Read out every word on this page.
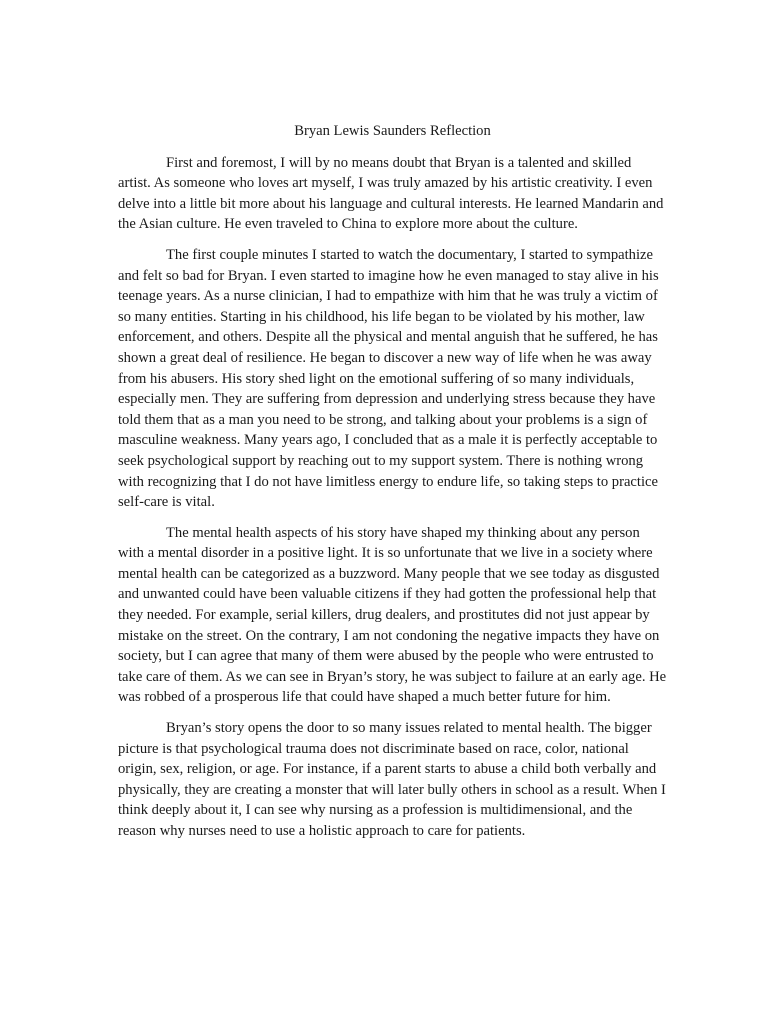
Bryan Lewis Saunders Reflection

First and foremost, I will by no means doubt that Bryan is a talented and skilled artist. As someone who loves art myself, I was truly amazed by his artistic creativity. I even delve into a little bit more about his language and cultural interests. He learned Mandarin and the Asian culture. He even traveled to China to explore more about the culture.

The first couple minutes I started to watch the documentary, I started to sympathize and felt so bad for Bryan. I even started to imagine how he even managed to stay alive in his teenage years. As a nurse clinician, I had to empathize with him that he was truly a victim of so many entities. Starting in his childhood, his life began to be violated by his mother, law enforcement, and others. Despite all the physical and mental anguish that he suffered, he has shown a great deal of resilience. He began to discover a new way of life when he was away from his abusers. His story shed light on the emotional suffering of so many individuals, especially men. They are suffering from depression and underlying stress because they have told them that as a man you need to be strong, and talking about your problems is a sign of masculine weakness. Many years ago, I concluded that as a male it is perfectly acceptable to seek psychological support by reaching out to my support system. There is nothing wrong with recognizing that I do not have limitless energy to endure life, so taking steps to practice self-care is vital.

The mental health aspects of his story have shaped my thinking about any person with a mental disorder in a positive light. It is so unfortunate that we live in a society where mental health can be categorized as a buzzword. Many people that we see today as disgusted and unwanted could have been valuable citizens if they had gotten the professional help that they needed. For example, serial killers, drug dealers, and prostitutes did not just appear by mistake on the street. On the contrary, I am not condoning the negative impacts they have on society, but I can agree that many of them were abused by the people who were entrusted to take care of them. As we can see in Bryan’s story, he was subject to failure at an early age. He was robbed of a prosperous life that could have shaped a much better future for him.

Bryan’s story opens the door to so many issues related to mental health. The bigger picture is that psychological trauma does not discriminate based on race, color, national origin, sex, religion, or age. For instance, if a parent starts to abuse a child both verbally and physically, they are creating a monster that will later bully others in school as a result. When I think deeply about it, I can see why nursing as a profession is multidimensional, and the reason why nurses need to use a holistic approach to care for patients.
